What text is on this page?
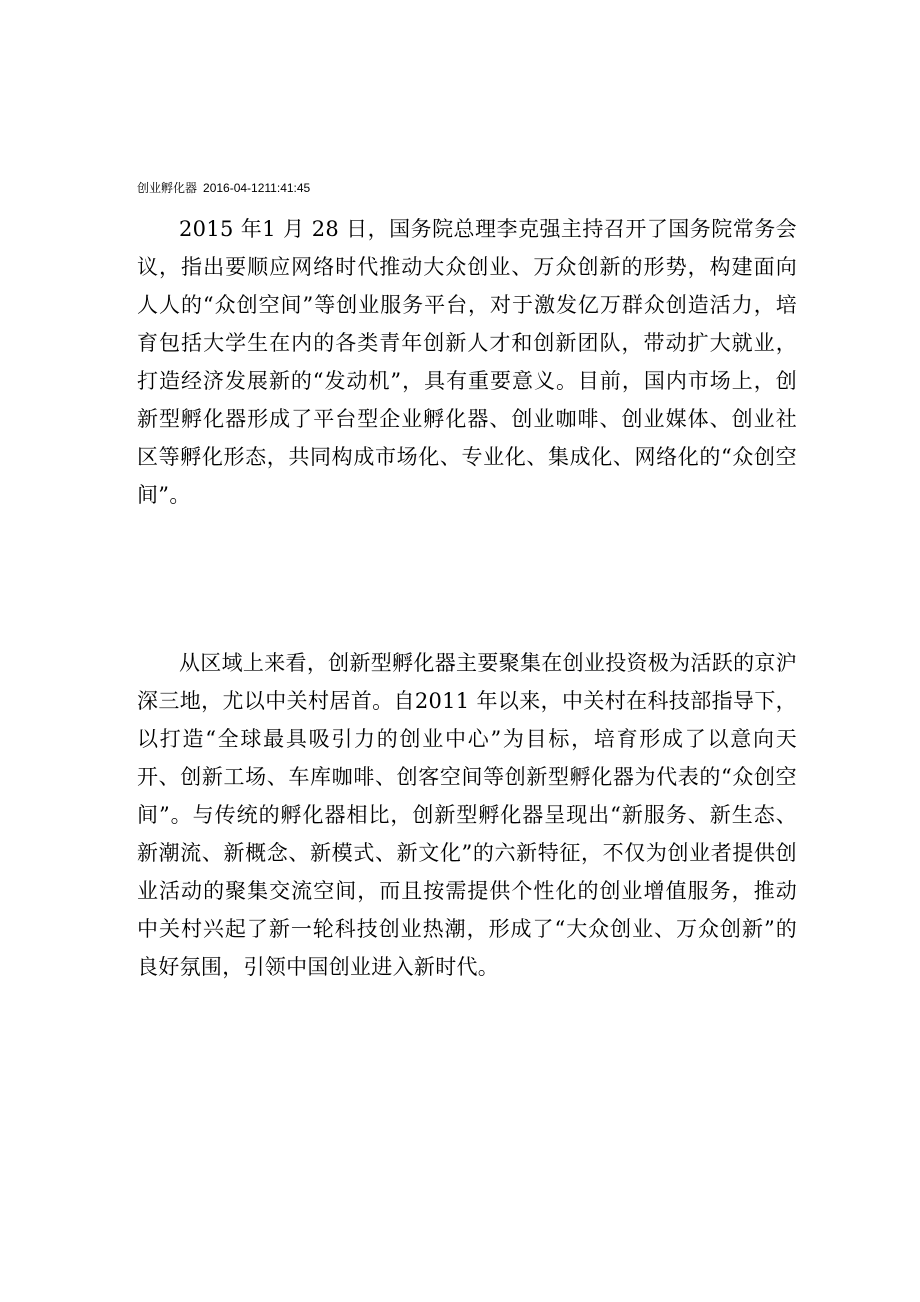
创业孵化器 2016-04-1211:41:45

2015 年1 月 28 日，国务院总理李克强主持召开了国务院常务会议，指出要顺应网络时代推动大众创业、万众创新的形势，构建面向人人的“众创空间”等创业服务平台，对于激发亿万群众创造活力，培育包括大学生在内的各类青年创新人才和创新团队，带动扩大就业，打造经济发展新的“发动机”，具有重要意义。目前，国内市场上，创新型孵化器形成了平台型企业孵化器、创业咖啡、创业媒体、创业社区等孵化形态，共同构成市场化、专业化、集成化、网络化的“众创空间”。

从区域上来看，创新型孵化器主要聚集在创业投资极为活跃的京沪深三地，尤以中关村居首。自2011 年以来，中关村在科技部指导下，以打造“全球最具吸引力的创业中心”为目标，培育形成了以意向天开、创新工场、车库咖啡、创客空间等创新型孵化器为代表的“众创空间”。与传统的孵化器相比，创新型孵化器呈现出“新服务、新生态、新潮流、新概念、新模式、新文化”的六新特征，不仅为创业者提供创业活动的聚集交流空间，而且按需提供个性化的创业增值服务，推动中关村兴起了新一轮科技创业热潮，形成了“大众创业、万众创新”的良好氛围，引领中国创业进入新时代。
